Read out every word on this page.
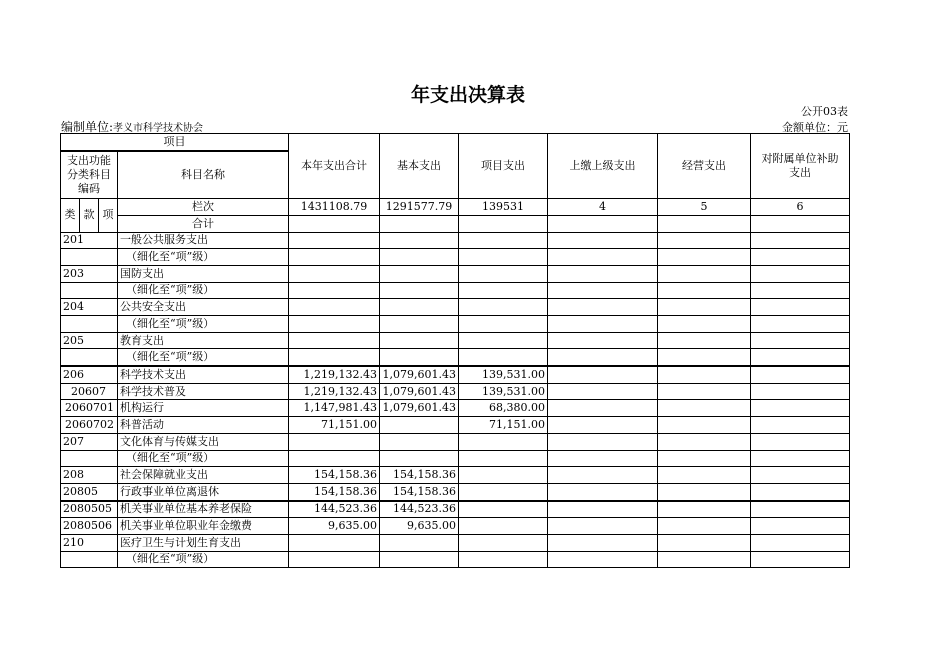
年支出决算表
公开03表
编制单位:孝义市科学技术协会	金额单位：元
项目				本年支出合计	基本支出	项目支出	上缴上级支出	经营支出	对附属单位补助支出
支出功能分类科目编码			科目名称						
类	款	项	栏次	1431108.79	1291577.79	139531	4	5	6
			合计						
201			一般公共服务支出						
			（细化至“项”级）						
203			国防支出						
			（细化至“项”级）						
204			公共安全支出						
			（细化至“项”级）						
205			教育支出						
			（细化至“项”级）						
206			科学技术支出	1,219,132.43	1,079,601.43	139,531.00			
20607			科学技术普及	1,219,132.43	1,079,601.43	139,531.00			
2060701			机构运行	1,147,981.43	1,079,601.43	68,380.00			
2060702			科普活动	71,151.00		71,151.00			
207			文化体育与传媒支出						
			（细化至“项”级）						
208			社会保障就业支出	154,158.36	154,158.36				
20805			行政事业单位离退休	154,158.36	154,158.36				
2080505			机关事业单位基本养老保险	144,523.36	144,523.36				
2080506			机关事业单位职业年金缴费	9,635.00	9,635.00				
210			医疗卫生与计划生育支出						
			（细化至“项”级）						
